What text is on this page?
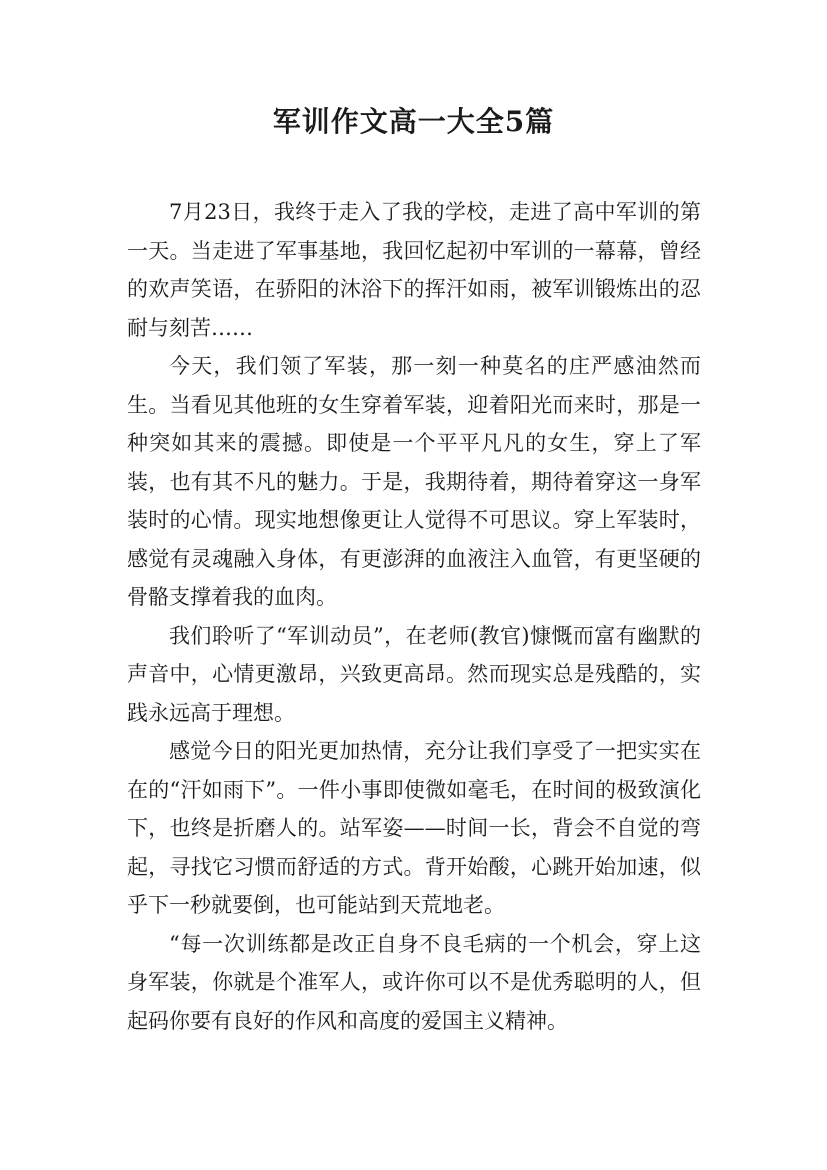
军训作文高一大全5篇

7月23日，我终于走入了我的学校，走进了高中军训的第一天。当走进了军事基地，我回忆起初中军训的一幕幕，曾经的欢声笑语，在骄阳的沐浴下的挥汗如雨，被军训锻炼出的忍耐与刻苦……

今天，我们领了军装，那一刻一种莫名的庄严感油然而生。当看见其他班的女生穿着军装，迎着阳光而来时，那是一种突如其来的震撼。即使是一个平平凡凡的女生，穿上了军装，也有其不凡的魅力。于是，我期待着，期待着穿这一身军装时的心情。现实地想像更让人觉得不可思议。穿上军装时，感觉有灵魂融入身体，有更澎湃的血液注入血管，有更坚硬的骨骼支撑着我的血肉。

我们聆听了“军训动员”，在老师(教官)慷慨而富有幽默的声音中，心情更激昂，兴致更高昂。然而现实总是残酷的，实践永远高于理想。

感觉今日的阳光更加热情，充分让我们享受了一把实实在在的“汗如雨下”。一件小事即使微如毫毛，在时间的极致演化下，也终是折磨人的。站军姿——时间一长，背会不自觉的弯起，寻找它习惯而舒适的方式。背开始酸，心跳开始加速，似乎下一秒就要倒，也可能站到天荒地老。

“每一次训练都是改正自身不良毛病的一个机会，穿上这身军装，你就是个准军人，或许你可以不是优秀聪明的人，但起码你要有良好的作风和高度的爱国主义精神。
